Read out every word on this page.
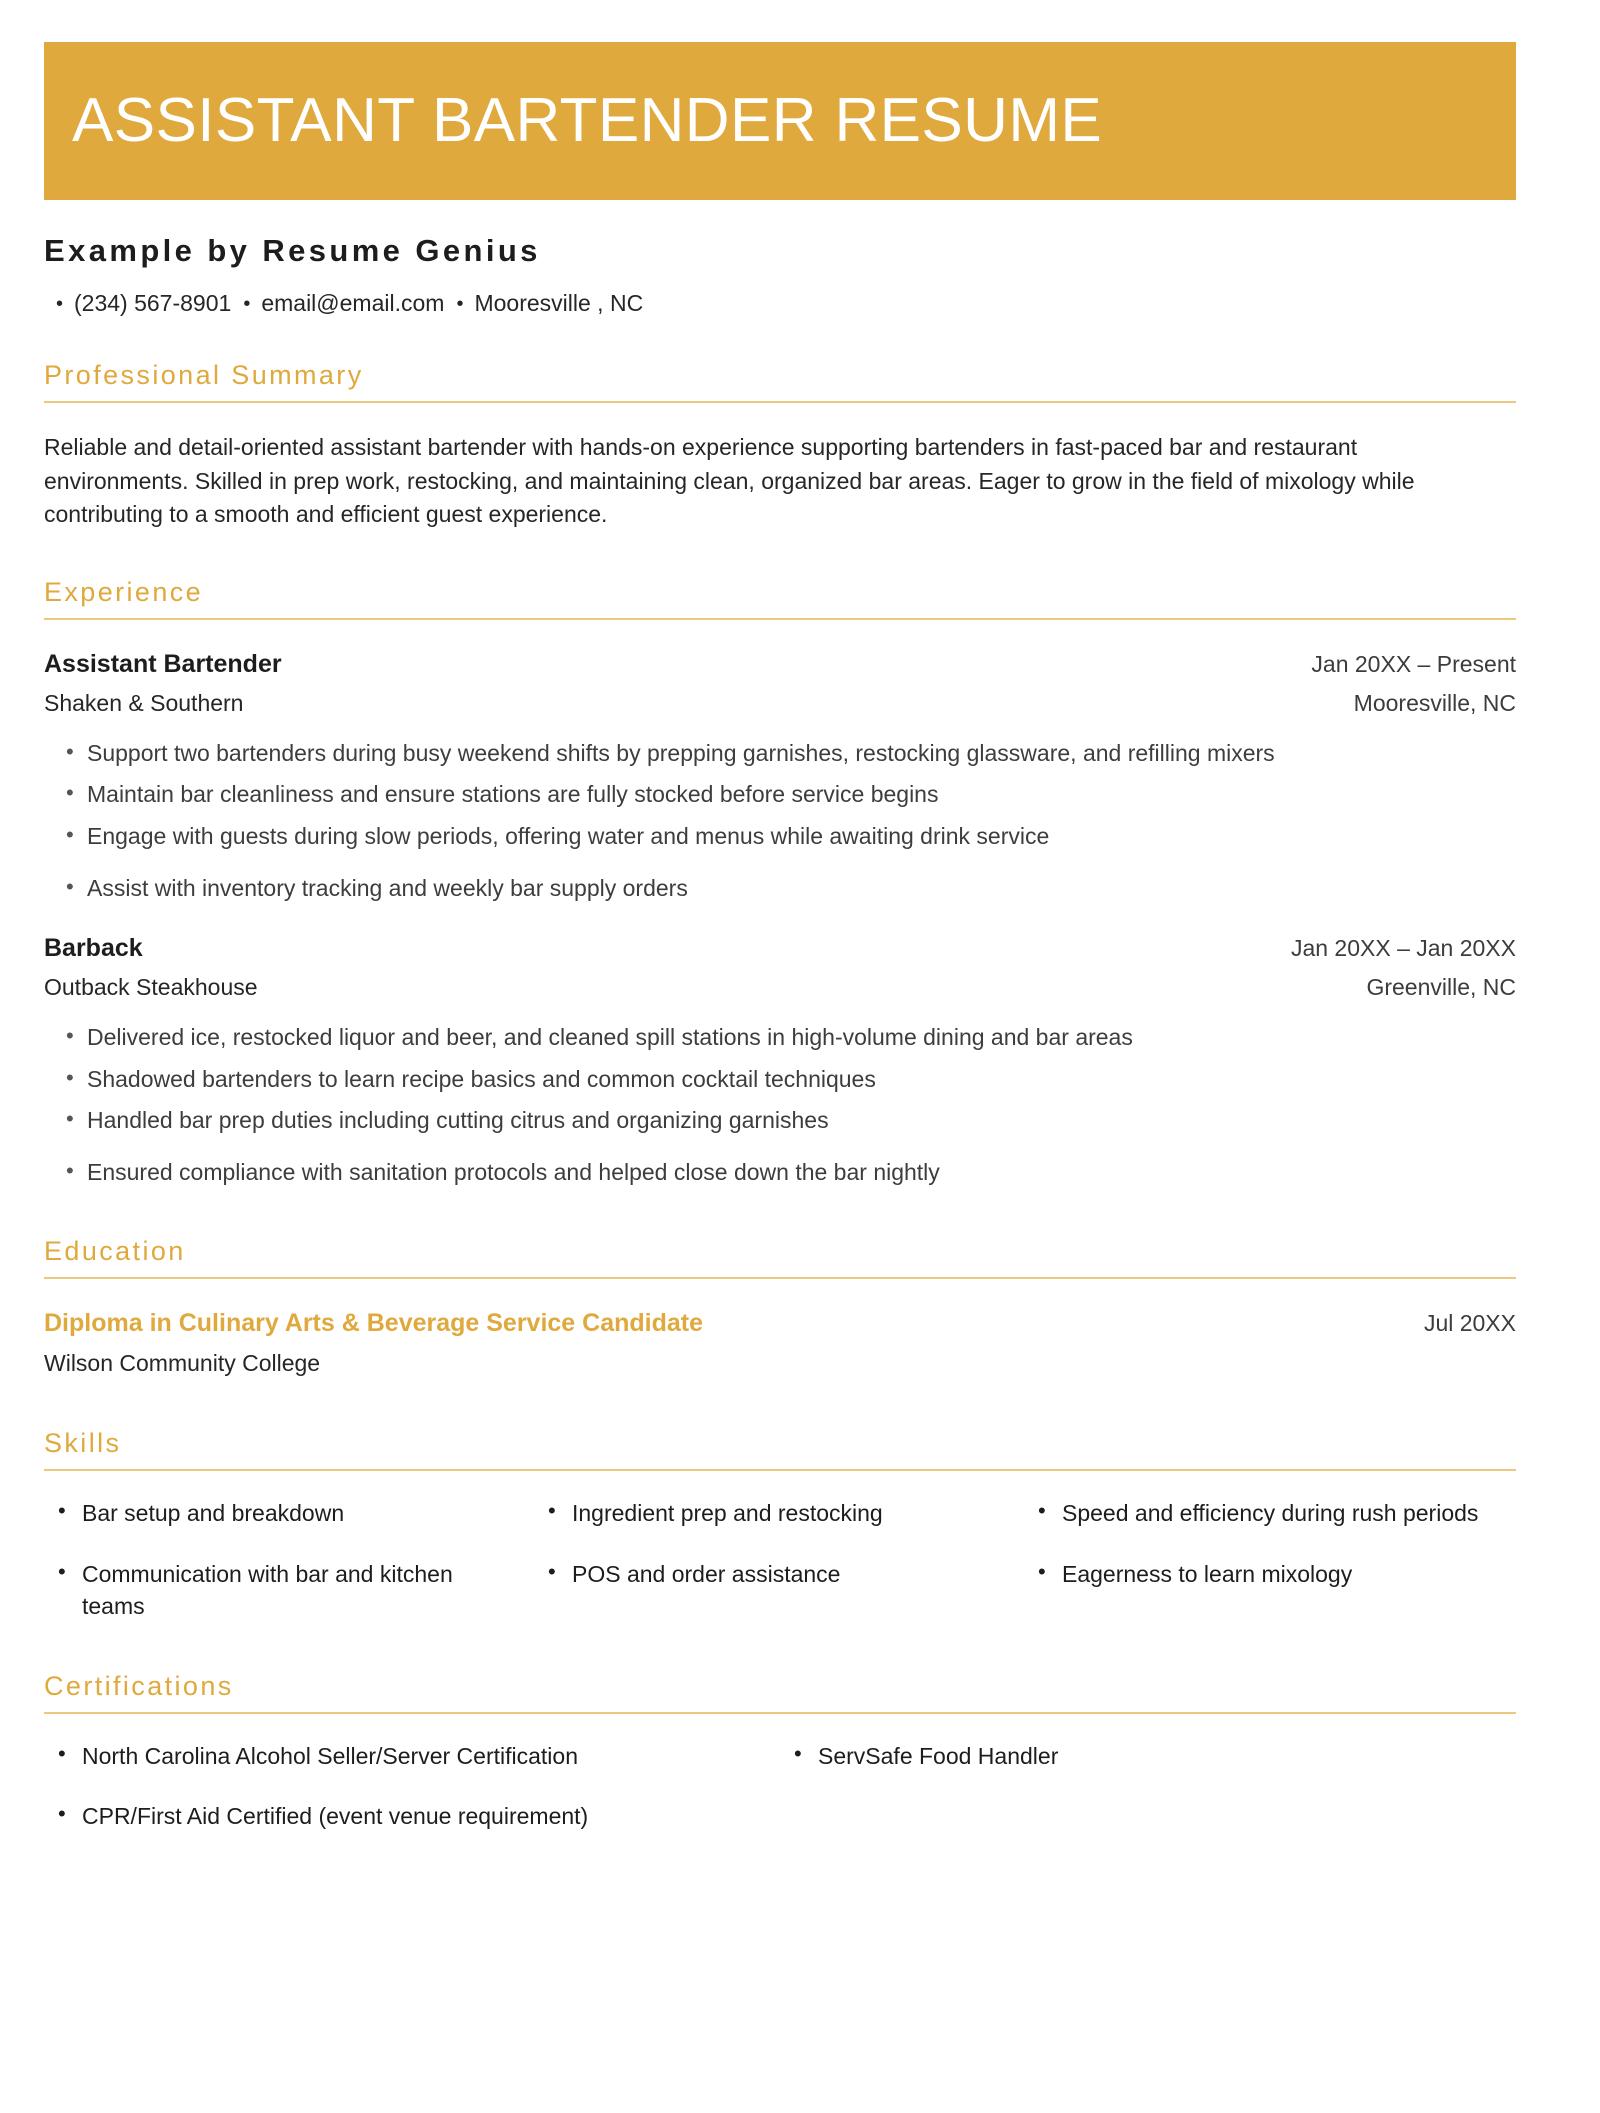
ASSISTANT BARTENDER RESUME
Example by Resume Genius
• (234) 567-8901 • email@email.com • Mooresville , NC
Professional Summary
Reliable and detail-oriented assistant bartender with hands-on experience supporting bartenders in fast-paced bar and restaurant environments. Skilled in prep work, restocking, and maintaining clean, organized bar areas. Eager to grow in the field of mixology while contributing to a smooth and efficient guest experience.
Experience
Assistant Bartender	Jan 20XX – Present
Shaken & Southern	Mooresville, NC
• Support two bartenders during busy weekend shifts by prepping garnishes, restocking glassware, and refilling mixers
• Maintain bar cleanliness and ensure stations are fully stocked before service begins
• Engage with guests during slow periods, offering water and menus while awaiting drink service
• Assist with inventory tracking and weekly bar supply orders
Barback	Jan 20XX – Jan 20XX
Outback Steakhouse	Greenville, NC
• Delivered ice, restocked liquor and beer, and cleaned spill stations in high-volume dining and bar areas
• Shadowed bartenders to learn recipe basics and common cocktail techniques
• Handled bar prep duties including cutting citrus and organizing garnishes
• Ensured compliance with sanitation protocols and helped close down the bar nightly
Education
Diploma in Culinary Arts & Beverage Service Candidate	Jul 20XX
Wilson Community College
Skills
• Bar setup and breakdown	• Ingredient prep and restocking	• Speed and efficiency during rush periods
• Communication with bar and kitchen teams
• POS and order assistance	• Eagerness to learn mixology
Certifications
• North Carolina Alcohol Seller/Server Certification	• ServSafe Food Handler
• CPR/First Aid Certified (event venue requirement)
